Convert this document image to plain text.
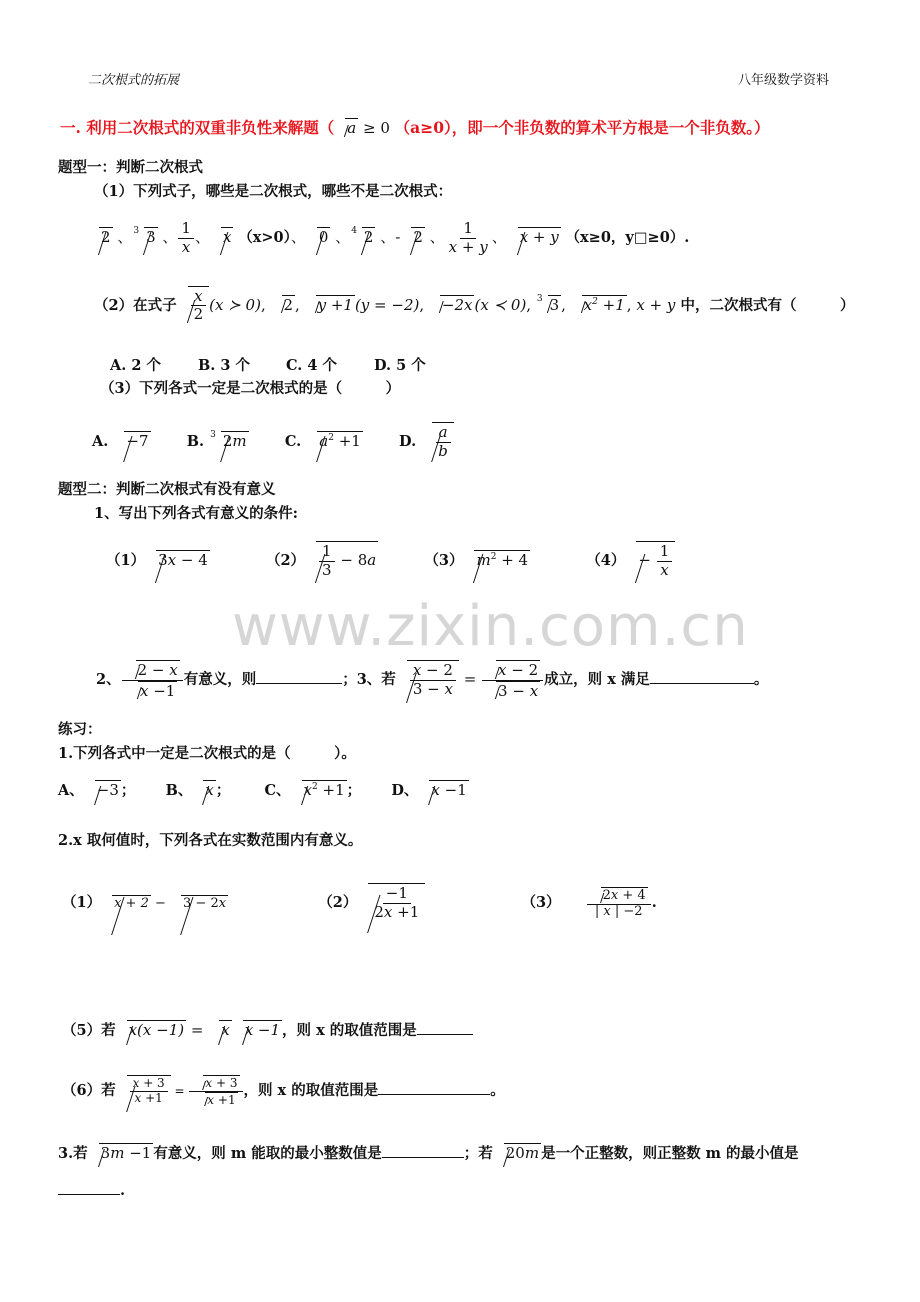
二次根式的拓展	八年级数学资料
一. 利用二次根式的双重非负性来解题（ a ≥ 0 （a≥0），即一个非负数的算术平方根是一个非负数。）
题型一：判断二次根式
（1）下列式子，哪些是二次根式，哪些不是二次根式：
2 、$^3$ 3 、 $\frac{1}{x}$ 、 x （x>0）、 0 、$^4$ 2 、- 2 、 $\frac{1}{x + y}$ 、 x + y （x≥0，y□≥0）.
（2）在式子 $\frac{x}{2} (x$ ≻ 0), 2 , y +1 (y = −2), −2x (x ≺ 0), $^3$ 3 , $x^2 +1$ , x + y 中，二次根式有（　　　）
A. 2 个	B. 3 个 C. 4 个	D. 5 个
（3）下列各式一定是二次根式的是（　　　）
A. −7	B. $^3$ 2m	C. $a^2 +1$	D. $\frac{a}{b}$
题型二：判断二次根式有没有意义
1、写出下列各式有意义的条件:
（1） 3x − 4	$(2) \frac{1}{3} - 8a$	（3） $m^2 + 4$	$(4) - \frac{1}{x}$
www.zixin.com.cn
2、 $\frac{2 - x}{x -1}$ 有意义，则	；3、若 $\frac{x - 2}{3 - x} = \frac{x - 2}{3 - x}$ 成立，则 x 满足	。
练习：
1.下列各式中一定是二次根式的是（　　　）。
A、 −3 ； B、 x ； C、 $x^2 +1$ ； D、 x −1
2.x 取何值时，下列各式在实数范围内有意义。
（1） x + 2 − 3 − 2x	$(2) \frac{-1}{2x +1}$	$(3) \frac{2x + 4}{| x | -2}$ .
（5）若 x(x −1) = x x −1 ，则 x 的取值范围是
（6）若 $\frac{x + 3}{x +1} = \frac{x + 3}{x +1}$ ，则 x 的取值范围是	。
3.若 3m −1 有意义，则 m 能取的最小整数值是	；若 20m 是一个正整数，则正整数 m 的最小值是
.
